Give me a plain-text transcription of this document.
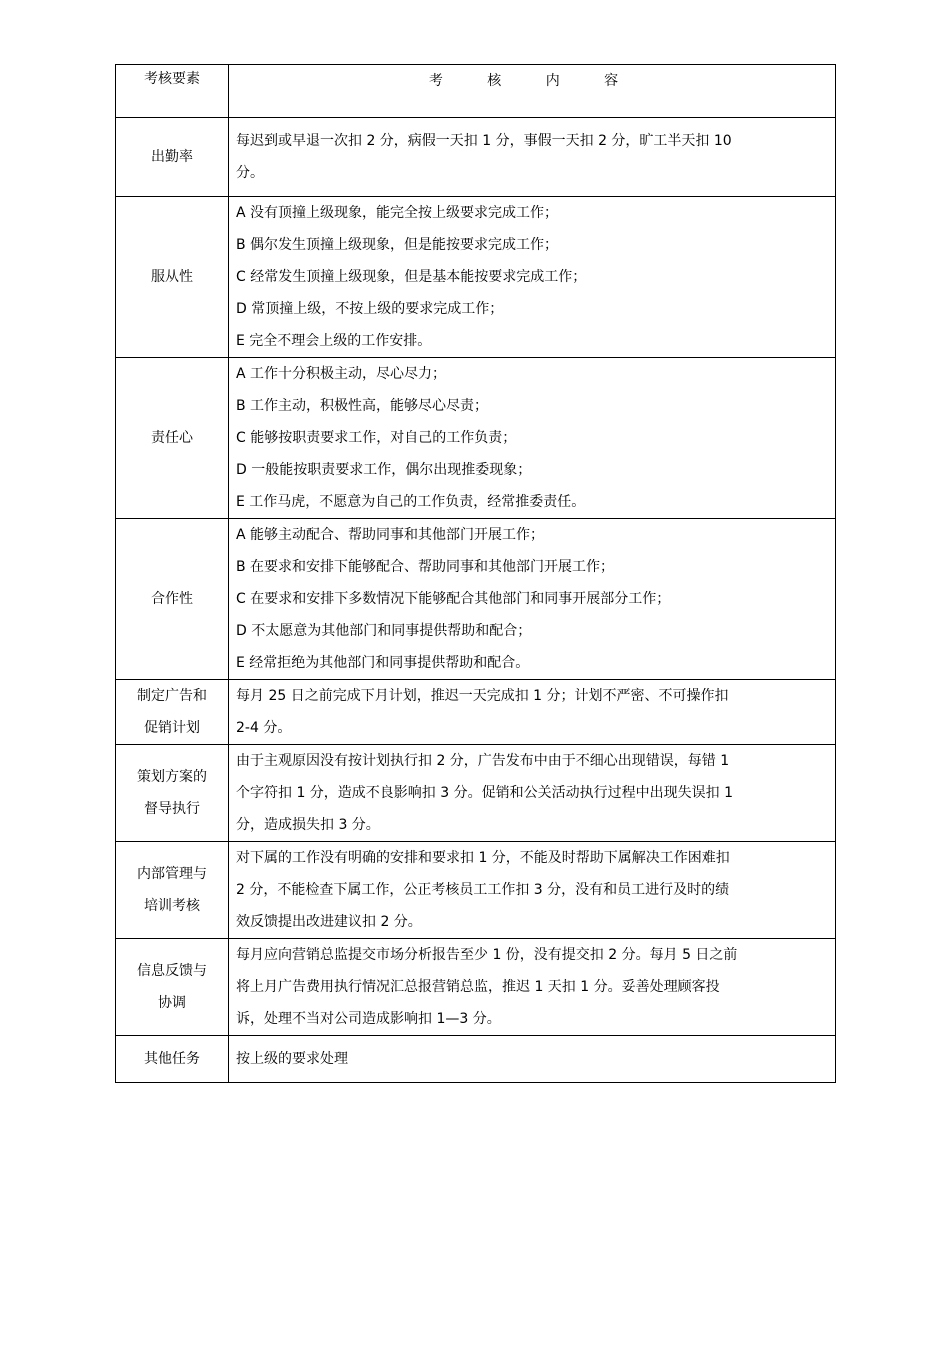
考核要素	考 核 内 容

出勤率	每迟到或早退一次扣 2 分，病假一天扣 1 分，事假一天扣 2 分，旷工半天扣 10
分。

服从性	A 没有顶撞上级现象，能完全按上级要求完成工作；
B 偶尔发生顶撞上级现象，但是能按要求完成工作；
C 经常发生顶撞上级现象，但是基本能按要求完成工作；
D 常顶撞上级，不按上级的要求完成工作；
E 完全不理会上级的工作安排。

责任心	A 工作十分积极主动，尽心尽力；
B 工作主动，积极性高，能够尽心尽责；
C 能够按职责要求工作，对自己的工作负责；
D 一般能按职责要求工作，偶尔出现推委现象；
E 工作马虎，不愿意为自己的工作负责，经常推委责任。

合作性	A 能够主动配合、帮助同事和其他部门开展工作；
B 在要求和安排下能够配合、帮助同事和其他部门开展工作；
C 在要求和安排下多数情况下能够配合其他部门和同事开展部分工作；
D 不太愿意为其他部门和同事提供帮助和配合；
E 经常拒绝为其他部门和同事提供帮助和配合。

制定广告和
促销计划	每月 25 日之前完成下月计划，推迟一天完成扣 1 分；计划不严密、不可操作扣
2-4 分。

策划方案的
督导执行	由于主观原因没有按计划执行扣 2 分，广告发布中由于不细心出现错误，每错 1
个字符扣 1 分，造成不良影响扣 3 分。促销和公关活动执行过程中出现失误扣 1
分，造成损失扣 3 分。

内部管理与
培训考核	对下属的工作没有明确的安排和要求扣 1 分，不能及时帮助下属解决工作困难扣
2 分，不能检查下属工作，公正考核员工工作扣 3 分，没有和员工进行及时的绩
效反馈提出改进建议扣 2 分。

信息反馈与
协调	每月应向营销总监提交市场分析报告至少 1 份，没有提交扣 2 分。每月 5 日之前
将上月广告费用执行情况汇总报营销总监，推迟 1 天扣 1 分。妥善处理顾客投
诉，处理不当对公司造成影响扣 1—3 分。

其他任务	按上级的要求处理
